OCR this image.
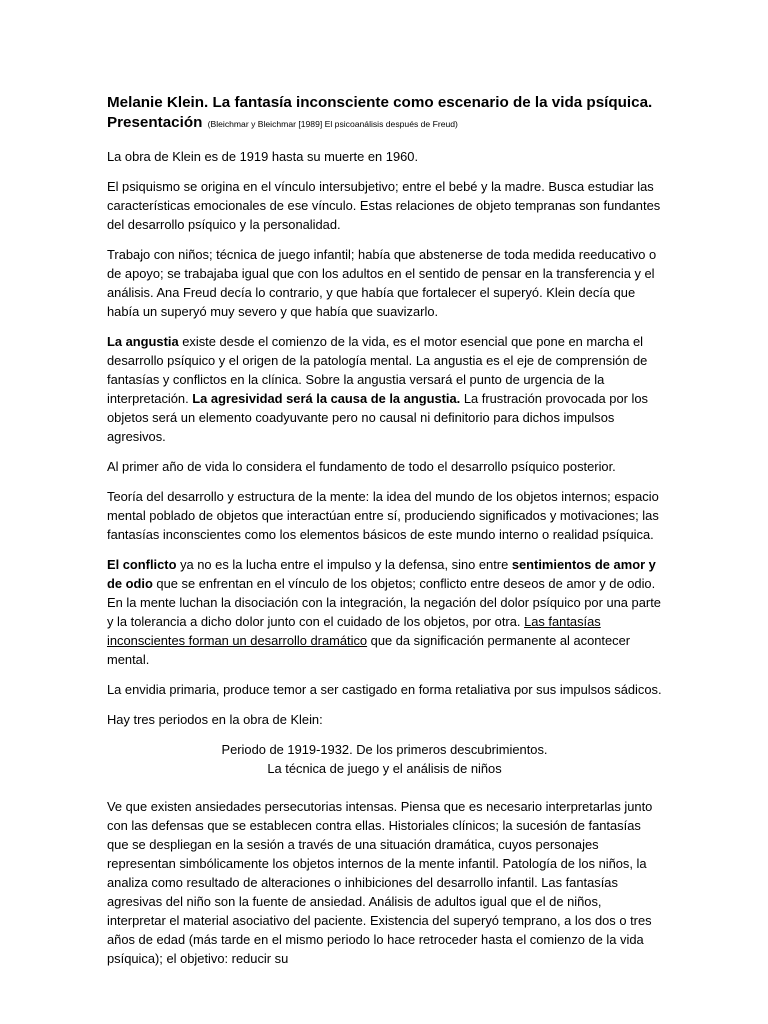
Melanie Klein. La fantasía inconsciente como escenario de la vida psíquica.
Presentación (Bleichmar y Bleichmar [1989] El psicoanálisis después de Freud)

La obra de Klein es de 1919 hasta su muerte en 1960.

El psiquismo se origina en el vínculo intersubjetivo; entre el bebé y la madre. Busca estudiar las características emocionales de ese vínculo. Estas relaciones de objeto tempranas son fundantes del desarrollo psíquico y la personalidad.

Trabajo con niños; técnica de juego infantil; había que abstenerse de toda medida reeducativo o de apoyo; se trabajaba igual que con los adultos en el sentido de pensar en la transferencia y el análisis. Ana Freud decía lo contrario, y que había que fortalecer el superyó. Klein decía que había un superyó muy severo y que había que suavizarlo.

La angustia existe desde el comienzo de la vida, es el motor esencial que pone en marcha el desarrollo psíquico y el origen de la patología mental. La angustia es el eje de comprensión de fantasías y conflictos en la clínica. Sobre la angustia versará el punto de urgencia de la interpretación. La agresividad será la causa de la angustia. La frustración provocada por los objetos será un elemento coadyuvante pero no causal ni definitorio para dichos impulsos agresivos.

Al primer año de vida lo considera el fundamento de todo el desarrollo psíquico posterior.

Teoría del desarrollo y estructura de la mente: la idea del mundo de los objetos internos; espacio mental poblado de objetos que interactúan entre sí, produciendo significados y motivaciones; las fantasías inconscientes como los elementos básicos de este mundo interno o realidad psíquica.

El conflicto ya no es la lucha entre el impulso y la defensa, sino entre sentimientos de amor y de odio que se enfrentan en el vínculo de los objetos; conflicto entre deseos de amor y de odio. En la mente luchan la disociación con la integración, la negación del dolor psíquico por una parte y la tolerancia a dicho dolor junto con el cuidado de los objetos, por otra. Las fantasías inconscientes forman un desarrollo dramático que da significación permanente al acontecer mental.

La envidia primaria, produce temor a ser castigado en forma retaliativa por sus impulsos sádicos.

Hay tres periodos en la obra de Klein:

Periodo de 1919-1932. De los primeros descubrimientos.
La técnica de juego y el análisis de niños

Ve que existen ansiedades persecutorias intensas. Piensa que es necesario interpretarlas junto con las defensas que se establecen contra ellas. Historiales clínicos; la sucesión de fantasías que se despliegan en la sesión a través de una situación dramática, cuyos personajes representan simbólicamente los objetos internos de la mente infantil. Patología de los niños, la analiza como resultado de alteraciones o inhibiciones del desarrollo infantil. Las fantasías agresivas del niño son la fuente de ansiedad. Análisis de adultos igual que el de niños, interpretar el material asociativo del paciente. Existencia del superyó temprano, a los dos o tres años de edad (más tarde en el mismo periodo lo hace retroceder hasta el comienzo de la vida psíquica); el objetivo: reducir su
